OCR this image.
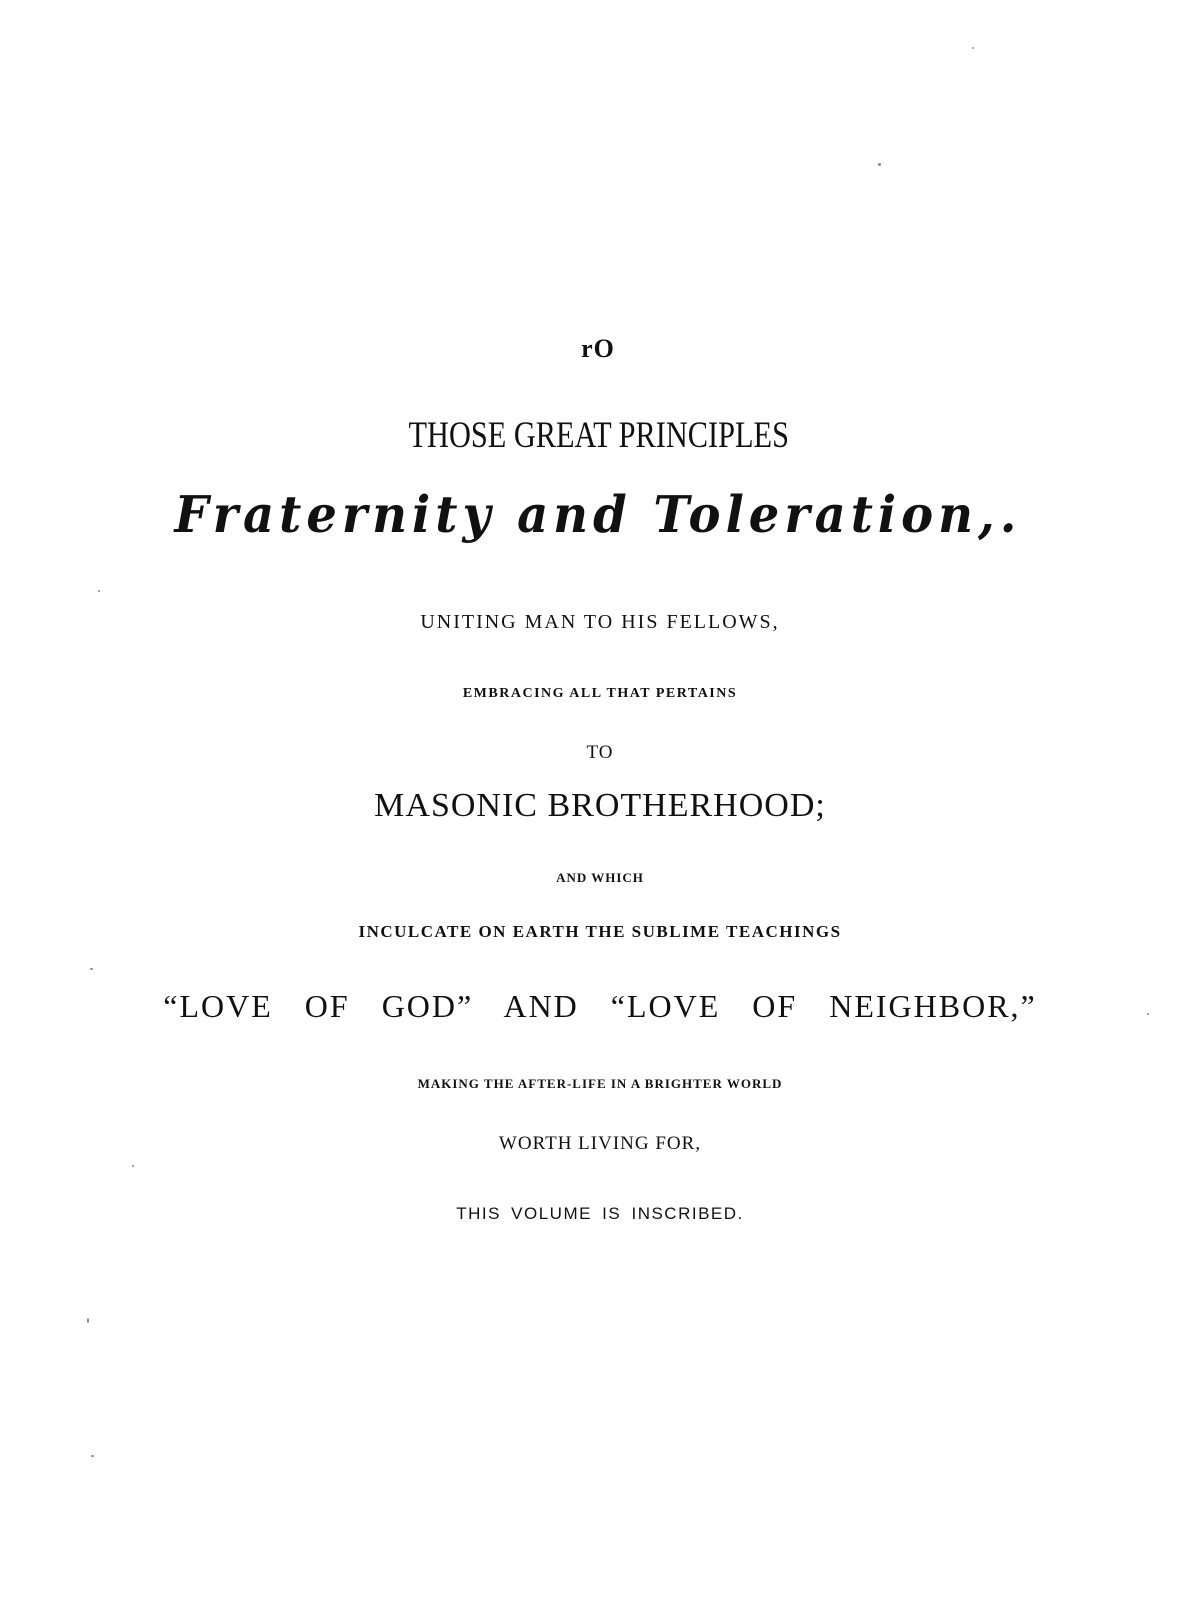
rO
THOSE GREAT PRINCIPLES
Fraternity and Toleration,.
UNITING MAN TO HIS FELLOWS,
EMBRACING ALL THAT PERTAINS
TO
MASONIC BROTHERHOOD;
AND WHICH
INCULCATE ON EARTH THE SUBLIME TEACHINGS
“LOVE OF GOD” AND “LOVE OF NEIGHBOR,”
MAKING THE AFTER-LIFE IN A BRIGHTER WORLD
WORTH LIVING FOR,
THIS VOLUME IS INSCRIBED.
